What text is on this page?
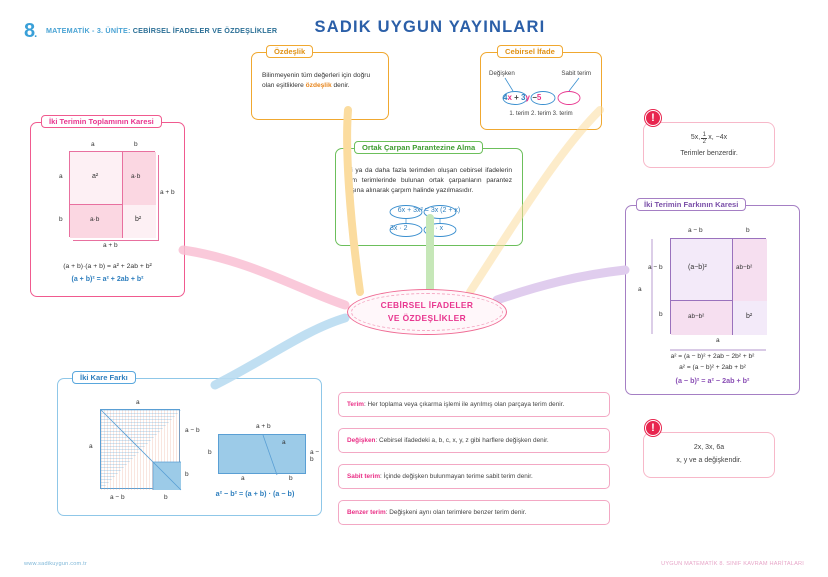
8. MATEMATİK - 3. ÜNİTE: CEBİRSEL İFADELER VE ÖZDEŞLİKLER	SADIK UYGUN YAYINLARI
www.sadikuygun.com.tr	UYGUN MATEMATİK 8. SINIF KAVRAM HARİTALARI
CEBİRSEL İFADELER
VE ÖZDEŞLİKLER
Özdeşlik
Bilinmeyenin tüm değerleri için doğru
olan eşitliklere özdeşlik denir.
Cebirsel İfade
Değişken	Sabit terim
4x + 3y −5
1. terim 2. terim 3. terim
Ortak Çarpan Parantezine Alma
İki ya da daha fazla terimden oluşan cebirsel ifadelerin tüm terimlerinde bulunan ortak çarpanların parantez dışına alınarak çarpım halinde yazılmasıdır.
6x + 3x² = 3x (2 + x)
3x · 2	3x · x
İki Terimin Toplamının Karesi
a²	a·b
a·b	b²
a	b
a
b
a + b
a + b
(a + b)·(a + b) = a² + 2ab + b²
(a + b)² = a² + 2ab + b²
İki Terimin Farkının Karesi
(a−b)²	ab−b²
ab−b²	b²
a − b	b
a − b
b
a
a
a² = (a − b)² + 2ab − 2b² + b²
a² = (a − b)² + 2ab + b²
(a − b)² = a² − 2ab + b²
İki Kare Farkı
a
a
b
a − b
a − b	b
a + b
b
a
a − b
a	b
a² − b² = (a + b) · (a − b)
Terim: Her toplama veya çıkarma işlemi ile ayrılmış olan parçaya terim denir.
Değişken: Cebirsel ifadedeki a, b, c, x, y, z gibi harflere değişken denir.
Sabit terim: İçinde değişken bulunmayan terime sabit terim denir.
Benzer terim: Değişkeni aynı olan terimlere benzer terim denir.
5x, 1
2
x, −4x
Terimler benzerdir.
!
2x, 3x, 6a
x, y ve a değişkendir.
!
